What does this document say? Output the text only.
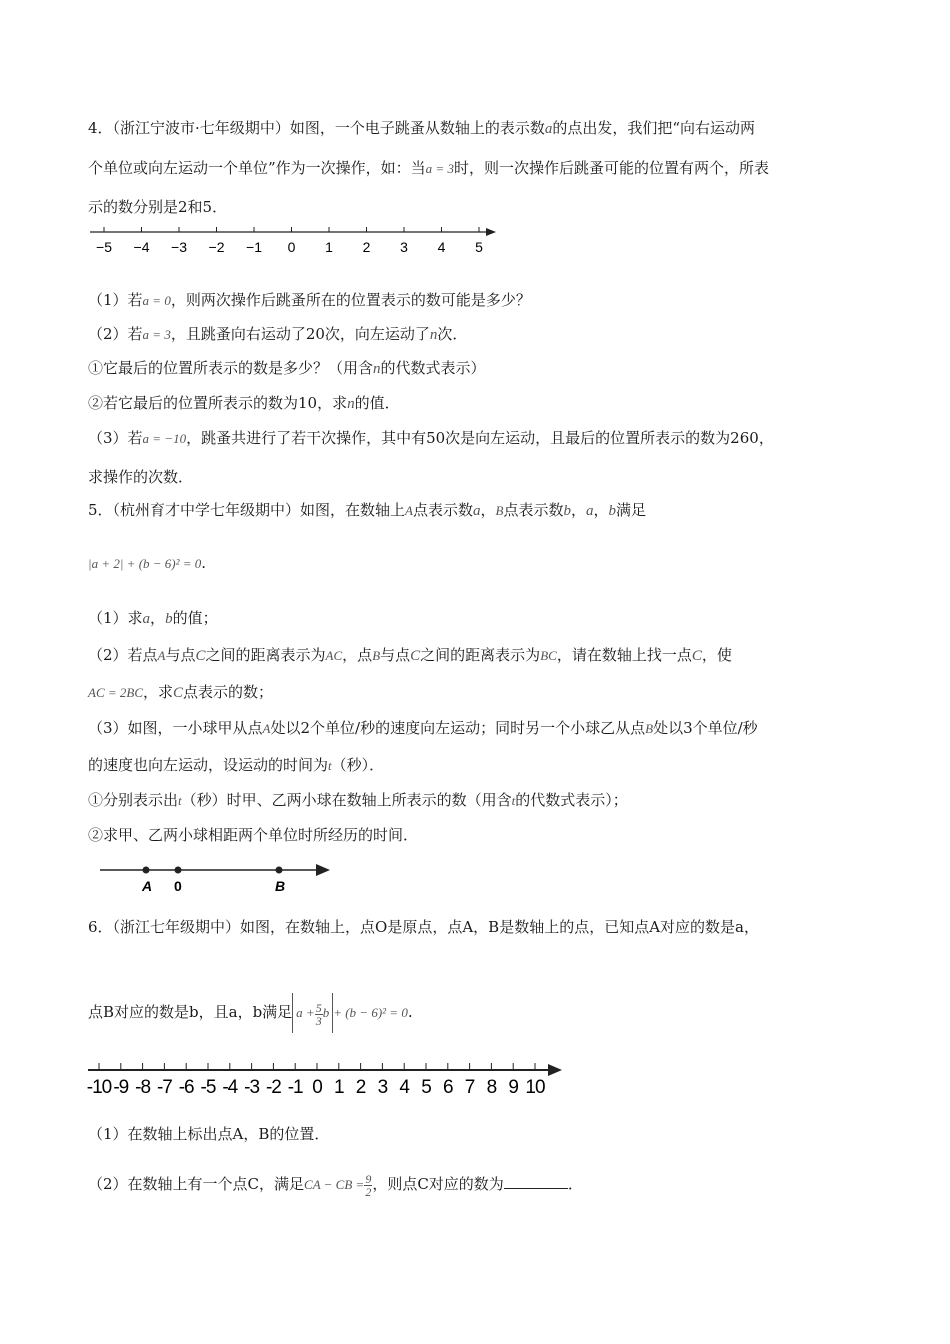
4．（浙江宁波市·七年级期中）如图，一个电子跳蚤从数轴上的表示数a的点出发，我们把“向右运动两
个单位或向左运动一个单位”作为一次操作，如：当a = 3时，则一次操作后跳蚤可能的位置有两个，所表
示的数分别是2和5．
−5 −4 −3 −2 −1 0 1 2 3 4 5
（1）若a = 0，则两次操作后跳蚤所在的位置表示的数可能是多少？
（2）若a = 3，且跳蚤向右运动了20次，向左运动了n次．
①它最后的位置所表示的数是多少？（用含n的代数式表示）
②若它最后的位置所表示的数为10，求n的值．
（3）若a = −10，跳蚤共进行了若干次操作，其中有50次是向左运动，且最后的位置所表示的数为260，
求操作的次数．
5．（杭州育才中学七年级期中）如图，在数轴上A点表示数a，B点表示数b，a，b满足
|a + 2| + (b − 6)² = 0.
（1）求a，b的值；
（2）若点A与点C之间的距离表示为AC，点B与点C之间的距离表示为BC，请在数轴上找一点C，使
AC = 2BC，求C点表示的数；
（3）如图，一小球甲从点A处以2个单位/秒的速度向左运动；同时另一个小球乙从点B处以3个单位/秒
的速度也向左运动，设运动的时间为t（秒）．
①分别表示出t（秒）时甲、乙两小球在数轴上所表示的数（用含t的代数式表示）；
②求甲、乙两小球相距两个单位时所经历的时间．
A 0	B
6．（浙江七年级期中）如图，在数轴上，点O是原点，点A，B是数轴上的点，已知点A对应的数是a，
点B对应的数是b，且a，b满足 $a + \frac{5}{3}$ b + (b − 6)² = 0.
-10 -9 -8 -7 -6 -5 -4 -3 -2 -1 0 1 2 3 4 5 6 7 8 9 10
（1）在数轴上标出点A，B的位置．
（2）在数轴上有一个点C，满足CA − CB = $\frac{9}{2}$ ，则点C对应的数为	．
